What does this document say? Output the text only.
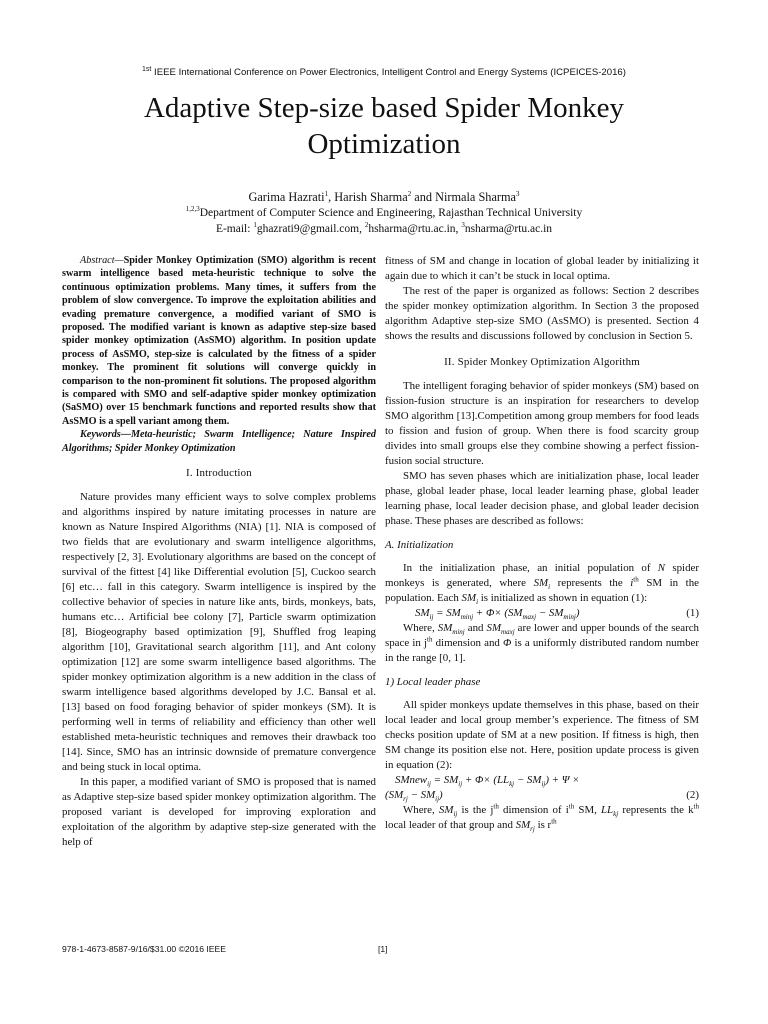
$^{1st}$ IEEE International Conference on Power Electronics, Intelligent Control and Energy Systems (ICPEICES-2016)
Adaptive Step-size based Spider Monkey Optimization
Garima Hazrati$^1$, Harish Sharma$^2$ and Nirmala Sharma$^3$
$^{1,2,3}$Department of Computer Science and Engineering, Rajasthan Technical University
E-mail: $^1$ghazrati9@gmail.com, $^2$hsharma@rtu.ac.in, $^3$nsharma@rtu.ac.in

Abstract—Spider Monkey Optimization (SMO) algorithm is recent swarm intelligence based meta-heuristic technique to solve the continuous optimization problems. Many times, it suffers from the problem of slow convergence. To improve the exploitation abilities and evading premature convergence, a modified variant of SMO is proposed. The modified variant is known as adaptive step-size based spider monkey optimization (AsSMO) algorithm. In position update process of AsSMO, step-size is calculated by the fitness of a spider monkey. The prominent fit solutions will converge quickly in comparison to the non-prominent fit solutions. The proposed algorithm is compared with SMO and self-adaptive spider monkey optimization (SaSMO) over 15 benchmark functions and reported results show that AsSMO is a spell variant among them.

Keywords—Meta-heuristic; Swarm Intelligence; Nature Inspired Algorithms; Spider Monkey Optimization

I. Introduction

Nature provides many efficient ways to solve complex problems and algorithms inspired by nature imitating processes in nature are known as Nature Inspired Algorithms (NIA) [1]. NIA is composed of two fields that are evolutionary and swarm intelligence algorithms, respectively [2, 3]. Evolutionary algorithms are based on the concept of survival of the fittest [4] like Differential evolution [5], Cuckoo search [6] etc… fall in this category. Swarm intelligence is inspired by the collective behavior of species in nature like ants, birds, monkeys, bats, humans etc… Artificial bee colony [7], Particle swarm optimization [8], Biogeography based optimization [9], Shuffled frog leaping algorithm [10], Gravitational search algorithm [11], and Ant colony optimization [12] are some swarm intelligence based algorithms. The spider monkey optimization algorithm is a new addition in the class of swarm intelligence based algorithms developed by J.C. Bansal et al. [13] based on food foraging behavior of spider monkeys (SM). It is performing well in terms of reliability and efficiency than other well established meta-heuristic techniques and removes their drawback too [14]. Since, SMO has an intrinsic downside of premature convergence and being stuck in local optima.

In this paper, a modified variant of SMO is proposed that is named as Adaptive step-size based spider monkey optimization algorithm. The proposed variant is developed for improving exploration and exploitation of the algorithm by adaptive step-size generated with the help of

fitness of SM and change in location of global leader by initializing it again due to which it can’t be stuck in local optima.

The rest of the paper is organized as follows: Section 2 describes the spider monkey optimization algorithm. In Section 3 the proposed algorithm Adaptive step-size SMO (AsSMO) is presented. Section 4 shows the results and discussions followed by conclusion in Section 5.

II. Spider Monkey Optimization Algorithm

The intelligent foraging behavior of spider monkeys (SM) based on fission-fusion structure is an inspiration for researchers to develop SMO algorithm [13].Competition among group members for food leads to fission and fusion of group. When there is food scarcity group divides into small groups else they combine showing a perfect fission-fusion social structure.

SMO has seven phases which are initialization phase, local leader phase, global leader phase, local leader learning phase, global leader learning phase, local leader decision phase, and global leader decision phase. These phases are described as follows:

A. Initialization

In the initialization phase, an initial population of N spider monkeys is generated, where $SM_i$ represents the $i^{th}$ SM in the population. Each $SM_i$ is initialized as shown in equation (1):

$SM_{ij} = SM_{minj} + \Phi\times (SM_{maxj} - SM_{minj})$	(1)

Where, $SM_{minj}$ and $SM_{maxj}$ are lower and upper bounds of the search space in $j^{th}$ dimension and Φ is a uniformly distributed random number in the range [0, 1].

1) Local leader phase

All spider monkeys update themselves in this phase, based on their local leader and local group member’s experience. The fitness of SM checks position update of SM at a new position. If fitness is high, then SM change its position else not. Here, position update process is given in equation (2):

SMnew$_{ij}$ = $SM_{ij} + \Phi\times (LL_{kj} - SM_{ij}) + \Psi$ ×
$(SM_{rj} - SM_{ij})$	(2)

Where, $SM_{ij}$ is the $j^{th}$ dimension of $i^{th}$ SM, $LL_{kj}$ represents the $k^{th}$ local leader of that group and $SM_{rj}$ is $r^{th}$

978-1-4673-8587-9/16/$31.00 ©2016 IEEE	[1]
